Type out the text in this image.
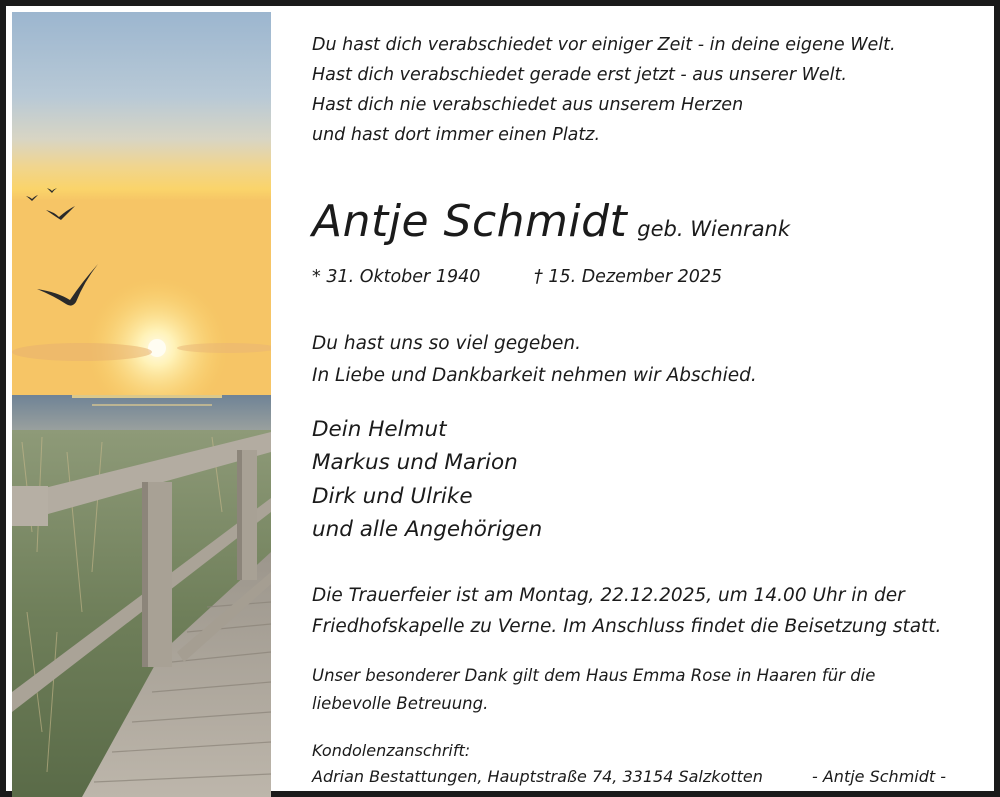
Du hast dich verabschiedet vor einiger Zeit - in deine eigene Welt.
Hast dich verabschiedet gerade erst jetzt - aus unserer Welt.
Hast dich nie verabschiedet aus unserem Herzen
und hast dort immer einen Platz.
Antje Schmidt geb. Wienrank
* 31. Oktober 1940	† 15. Dezember 2025
Du hast uns so viel gegeben.
In Liebe und Dankbarkeit nehmen wir Abschied.
Dein Helmut
Markus und Marion
Dirk und Ulrike
und alle Angehörigen
Die Trauerfeier ist am Montag, 22.12.2025, um 14.00 Uhr in der
Friedhofskapelle zu Verne. Im Anschluss findet die Beisetzung statt.
Unser besonderer Dank gilt dem Haus Emma Rose in Haaren für die
liebevolle Betreuung.
Kondolenzanschrift:
Adrian Bestattungen, Hauptstraße 74, 33154 Salzkotten	- Antje Schmidt -
